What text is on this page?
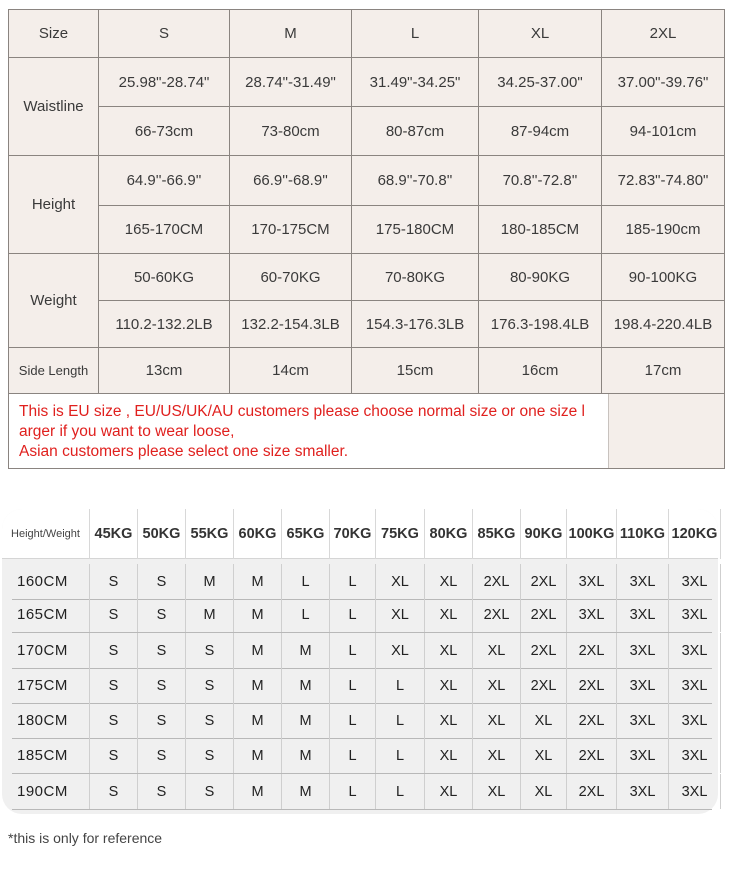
Size	S	M	L	XL	2XL
Waistline
25.98"-28.74"	28.74"-31.49"	31.49"-34.25"	34.25-37.00"	37.00"-39.76"
66-73cm	73-80cm	80-87cm	87-94cm	94-101cm
Height
64.9''-66.9''	66.9''-68.9''	68.9''-70.8''	70.8''-72.8''	72.83"-74.80"
165-170CM	170-175CM	175-180CM	180-185CM	185-190cm
Weight
50-60KG	60-70KG	70-80KG	80-90KG	90-100KG
110.2-132.2LB	132.2-154.3LB	154.3-176.3LB	176.3-198.4LB	198.4-220.4LB
Side Length	13cm	14cm	15cm	16cm	17cm
This is EU size , EU/US/UK/AU customers please choose normal size or one size l
arger if you want to wear loose,
Asian customers please select one size smaller.
Height/Weight	45KG 50KG 55KG 60KG 65KG 70KG 75KG 80KG 85KG 90KG 100KG 110KG 120KG
160CM	S	S	M	M	L	L	XL	XL	2XL	2XL	3XL	3XL	3XL
165CM	S	S	M	M	L	L	XL	XL	2XL	2XL	3XL	3XL	3XL
170CM	S	S	S	M	M	L	XL	XL	XL	2XL	2XL	3XL	3XL
175CM	S	S	S	M	M	L	L	XL	XL	2XL	2XL	3XL	3XL
180CM	S	S	S	M	M	L	L	XL	XL	XL	2XL	3XL	3XL
185CM	S	S	S	M	M	L	L	XL	XL	XL	2XL	3XL	3XL
190CM	S	S	S	M	M	L	L	XL	XL	XL	2XL	3XL	3XL
*this is only for reference
